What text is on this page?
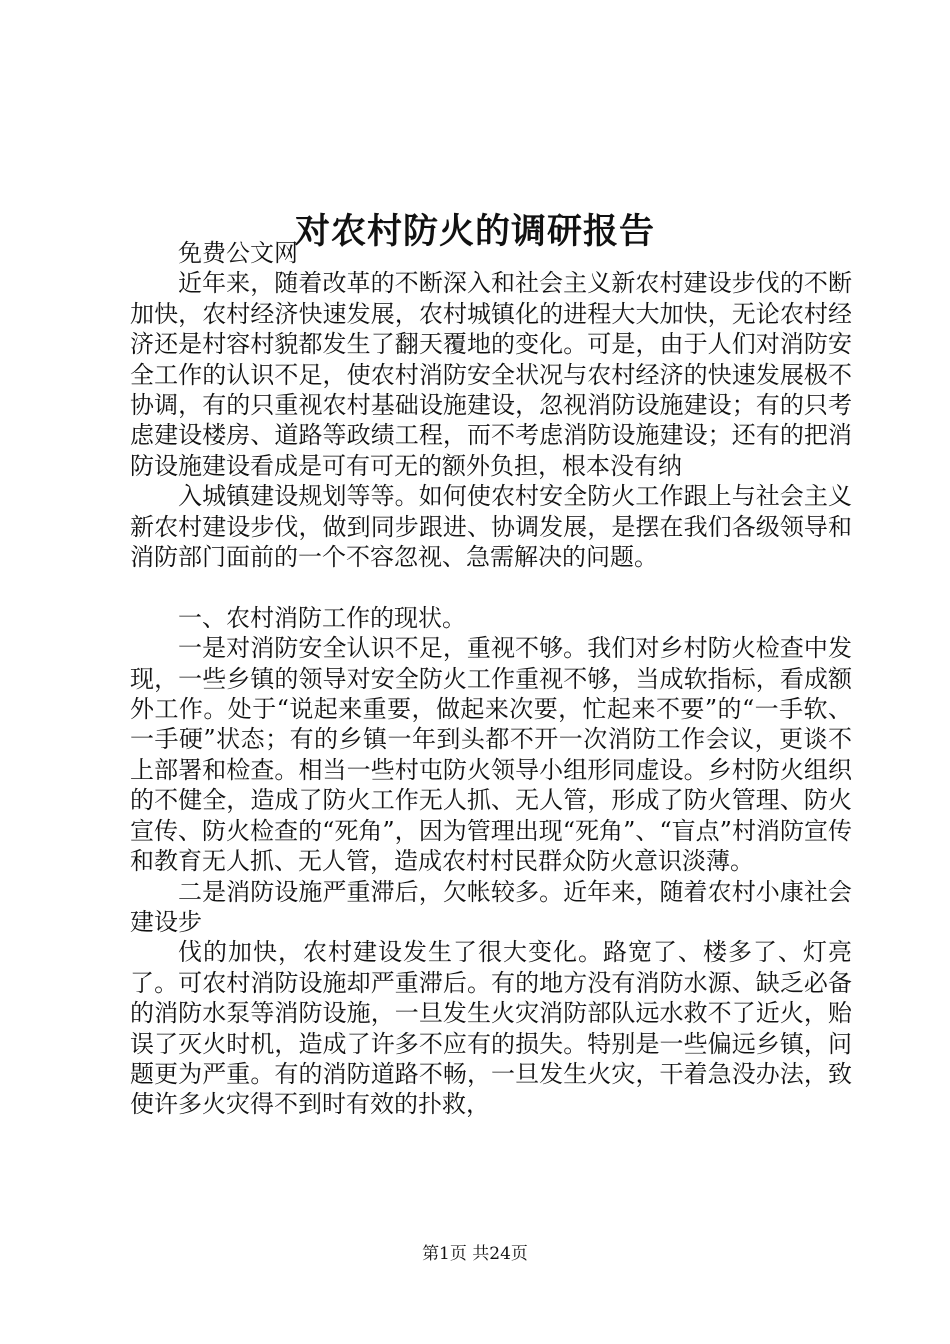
对农村防火的调研报告

免费公文网

近年来，随着改革的不断深入和社会主义新农村建设步伐的不断加快，农村经济快速发展，农村城镇化的进程大大加快，无论农村经济还是村容村貌都发生了翻天覆地的变化。可是，由于人们对消防安全工作的认识不足，使农村消防安全状况与农村经济的快速发展极不协调，有的只重视农村基础设施建设，忽视消防设施建设；有的只考虑建设楼房、道路等政绩工程，而不考虑消防设施建设；还有的把消防设施建设看成是可有可无的额外负担，根本没有纳

入城镇建设规划等等。如何使农村安全防火工作跟上与社会主义新农村建设步伐，做到同步跟进、协调发展，是摆在我们各级领导和消防部门面前的一个不容忽视、急需解决的问题。

一、农村消防工作的现状。

一是对消防安全认识不足，重视不够。我们对乡村防火检查中发现，一些乡镇的领导对安全防火工作重视不够，当成软指标，看成额外工作。处于“说起来重要，做起来次要，忙起来不要”的“一手软、一手硬”状态；有的乡镇一年到头都不开一次消防工作会议，更谈不上部署和检查。相当一些村屯防火领导小组形同虚设。乡村防火组织的不健全，造成了防火工作无人抓、无人管，形成了防火管理、防火宣传、防火检查的“死角”，因为管理出现“死角”、“盲点”村消防宣传和教育无人抓、无人管，造成农村村民群众防火意识淡薄。

二是消防设施严重滞后，欠帐较多。近年来，随着农村小康社会建设步

伐的加快，农村建设发生了很大变化。路宽了、楼多了、灯亮了。可农村消防设施却严重滞后。有的地方没有消防水源、缺乏必备的消防水泵等消防设施，一旦发生火灾消防部队远水救不了近火，贻误了灭火时机，造成了许多不应有的损失。特别是一些偏远乡镇，问题更为严重。有的消防道路不畅，一旦发生火灾，干着急没办法，致使许多火灾得不到时有效的扑救，

第1页 共24页
